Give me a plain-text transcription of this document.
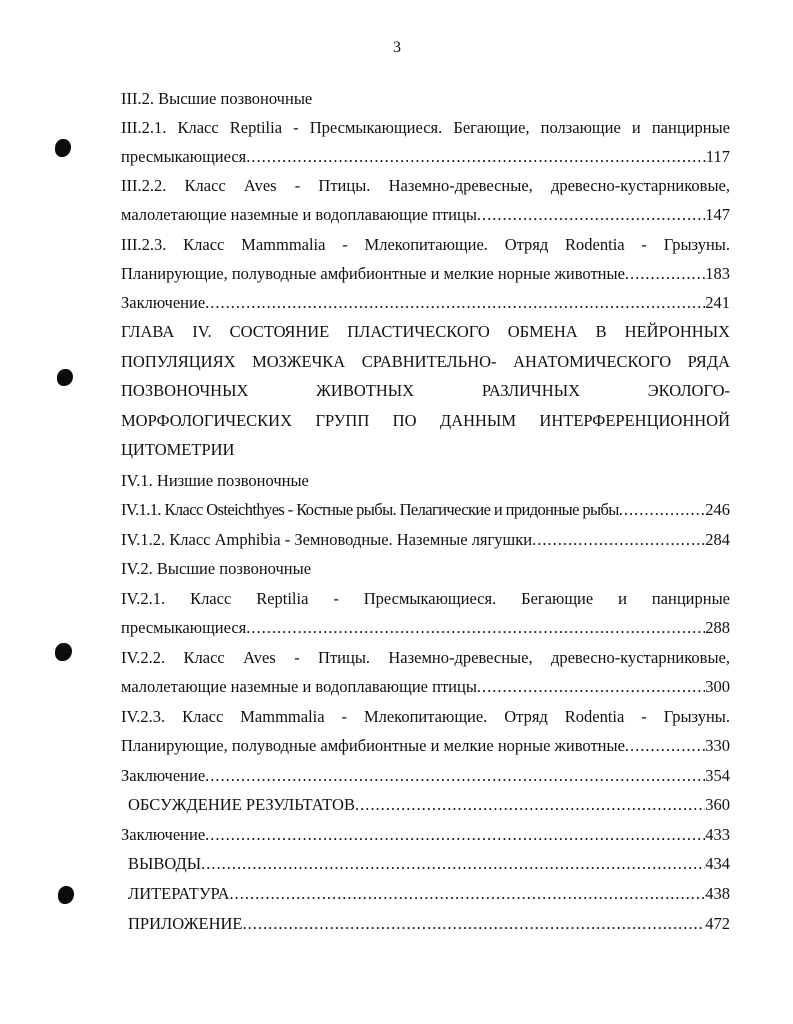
3
III.2. Высшие позвоночные
III.2.1. Класс Reptilia - Пресмыкающиеся. Бегающие, ползающие и панцирные
пресмыкающиеся .....	117
III.2.2. Класс Aves - Птицы. Наземно-древесные, древесно-кустарниковые,
малолетающие наземные и водоплавающие птицы .....	147
III.2.3. Класс Mammmalia - Млекопитающие. Отряд Rodentia - Грызуны.
Планирующие, полуводные амфибионтные и мелкие норные животные .....	183
Заключение .....	241
ГЛАВА IV. СОСТОЯНИЕ ПЛАСТИЧЕСКОГО ОБМЕНА В НЕЙРОННЫХ
ПОПУЛЯЦИЯХ МОЗЖЕЧКА СРАВНИТЕЛЬНО- АНАТОМИЧЕСКОГО РЯДА
ПОЗВОНОЧНЫХ ЖИВОТНЫХ РАЗЛИЧНЫХ ЭКОЛОГО-
МОРФОЛОГИЧЕСКИХ ГРУПП ПО ДАННЫМ ИНТЕРФЕРЕНЦИОННОЙ
ЦИТОМЕТРИИ
IV.1. Низшие позвоночные
IV.1.1. Класс Osteichthyes - Костные рыбы. Пелагические и придонные рыбы .....	246
IV.1.2. Класс Amphibia - Земноводные. Наземные лягушки .....	284
IV.2. Высшие позвоночные
IV.2.1. Класс Reptilia - Пресмыкающиеся. Бегающие и панцирные
пресмыкающиеся .....	288
IV.2.2. Класс Aves - Птицы. Наземно-древесные, древесно-кустарниковые,
малолетающие наземные и водоплавающие птицы .....	300
IV.2.3. Класс Mammmalia - Млекопитающие. Отряд Rodentia - Грызуны.
Планирующие, полуводные амфибионтные и мелкие норные животные .....	330
Заключение .....	354
ОБСУЖДЕНИЕ РЕЗУЛЬТАТОВ .....	360
Заключение .....	433
ВЫВОДЫ .....	434
ЛИТЕРАТУРА .....	438
ПРИЛОЖЕНИЕ .....	472
